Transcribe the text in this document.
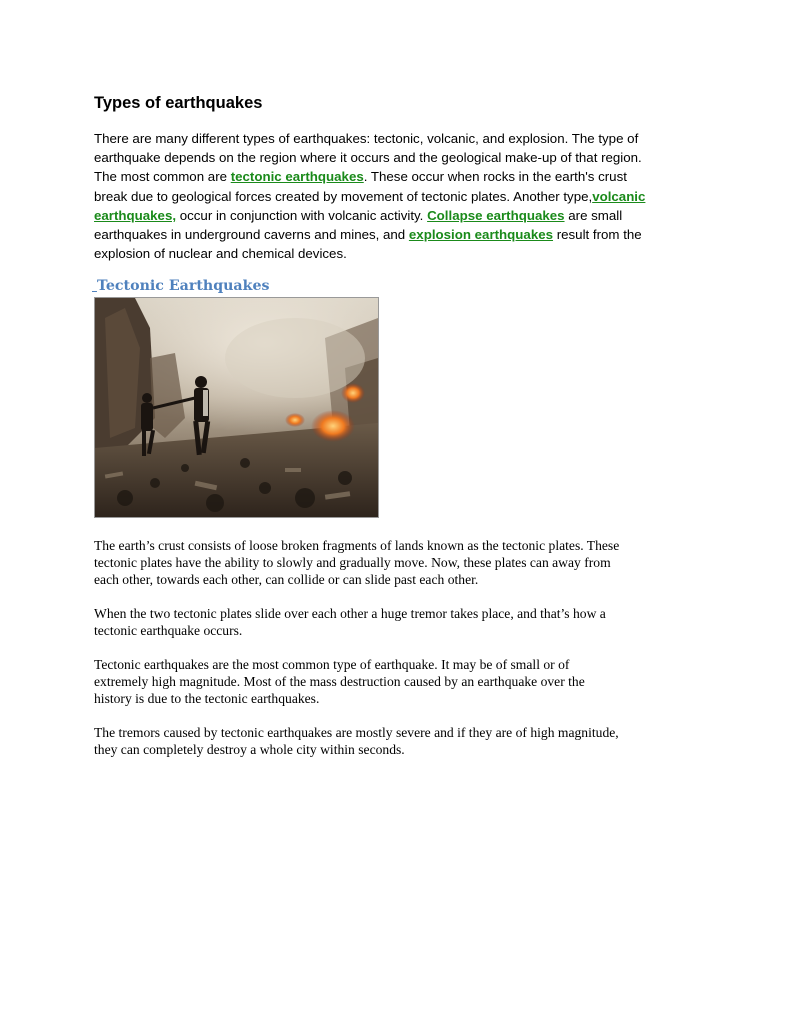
Types of earthquakes
There are many different types of earthquakes: tectonic, volcanic, and explosion. The type of
earthquake depends on the region where it occurs and the geological make-up of that region.
The most common are tectonic earthquakes. These occur when rocks in the earth's crust
break due to geological forces created by movement of tectonic plates. Another type,volcanic
earthquakes, occur in conjunction with volcanic activity. Collapse earthquakes are small
earthquakes in underground caverns and mines, and explosion earthquakes result from the
explosion of nuclear and chemical devices.
Tectonic Earthquakes

The earth’s crust consists of loose broken fragments of lands known as the tectonic plates. These
tectonic plates have the ability to slowly and gradually move. Now, these plates can away from
each other, towards each other, can collide or can slide past each other.

When the two tectonic plates slide over each other a huge tremor takes place, and that’s how a
tectonic earthquake occurs.

Tectonic earthquakes are the most common type of earthquake. It may be of small or of
extremely high magnitude. Most of the mass destruction caused by an earthquake over the
history is due to the tectonic earthquakes.

The tremors caused by tectonic earthquakes are mostly severe and if they are of high magnitude,
they can completely destroy a whole city within seconds.
